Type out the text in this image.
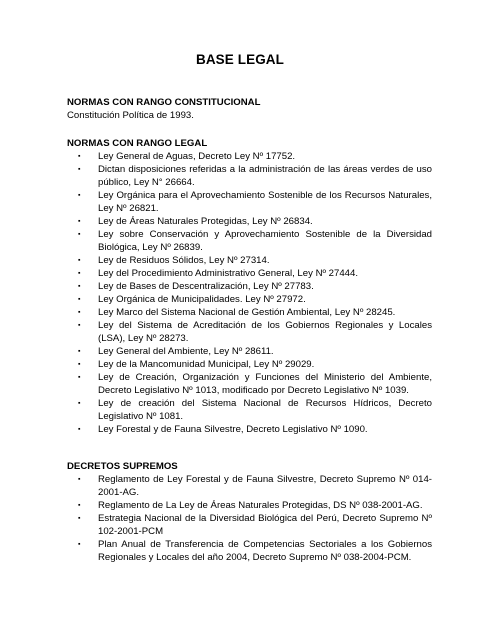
BASE LEGAL
NORMAS CON RANGO CONSTITUCIONAL
Constitución Política de 1993.
NORMAS CON RANGO LEGAL
▪ Ley General de Aguas, Decreto Ley Nº 17752.
▪ Dictan disposiciones referidas a la administración de las áreas verdes de uso público, Ley N° 26664.
▪ Ley Orgánica para el Aprovechamiento Sostenible de los Recursos Naturales, Ley Nº 26821.
▪ Ley de Áreas Naturales Protegidas, Ley Nº 26834.
▪ Ley sobre Conservación y Aprovechamiento Sostenible de la Diversidad Biológica, Ley Nº 26839.
▪ Ley de Residuos Sólidos, Ley Nº 27314.
▪ Ley del Procedimiento Administrativo General, Ley Nº 27444.
▪ Ley de Bases de Descentralización, Ley Nº 27783.
▪ Ley Orgánica de Municipalidades. Ley Nº 27972.
▪ Ley Marco del Sistema Nacional de Gestión Ambiental, Ley Nº 28245.
▪ Ley del Sistema de Acreditación de los Gobiernos Regionales y Locales (LSA), Ley Nº 28273.
▪ Ley General del Ambiente, Ley Nº 28611.
▪ Ley de la Mancomunidad Municipal, Ley Nº 29029.
▪ Ley de Creación, Organización y Funciones del Ministerio del Ambiente, Decreto Legislativo Nº 1013, modificado por Decreto Legislativo Nº 1039.
▪ Ley de creación del Sistema Nacional de Recursos Hídricos, Decreto Legislativo Nº 1081.
▪ Ley Forestal y de Fauna Silvestre, Decreto Legislativo Nº 1090.
DECRETOS SUPREMOS
▪ Reglamento de Ley Forestal y de Fauna Silvestre, Decreto Supremo Nº 014-2001-AG.
▪ Reglamento de La Ley de Áreas Naturales Protegidas, DS Nº 038-2001-AG.
▪ Estrategia Nacional de la Diversidad Biológica del Perú, Decreto Supremo Nº 102-2001-PCM
▪ Plan Anual de Transferencia de Competencias Sectoriales a los Gobiernos Regionales y Locales del año 2004, Decreto Supremo Nº 038-2004-PCM.
